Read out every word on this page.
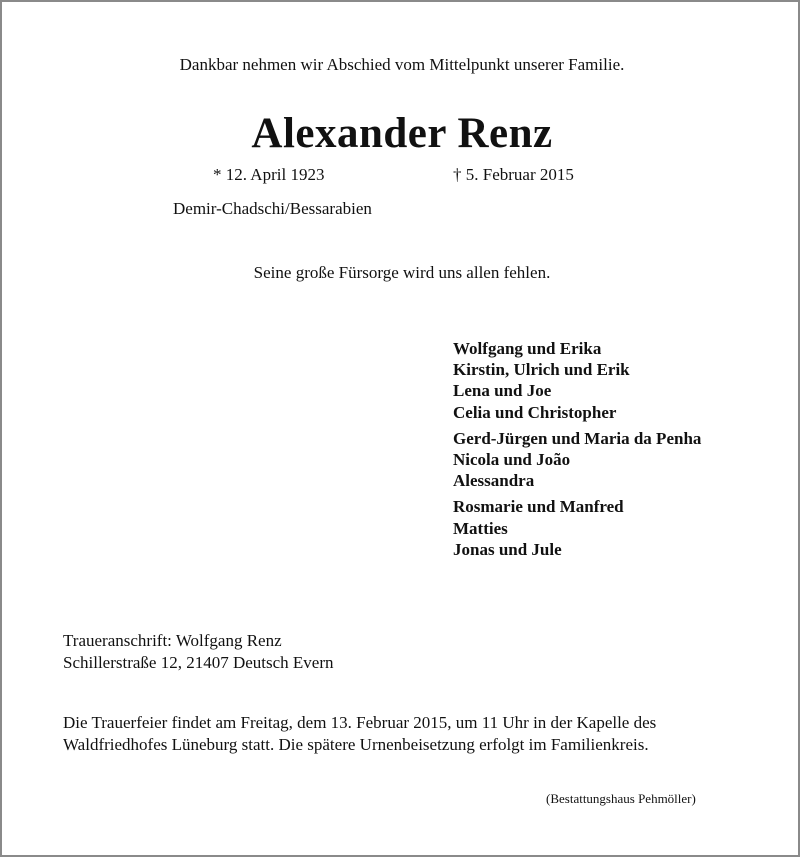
Dankbar nehmen wir Abschied vom Mittelpunkt unserer Familie.
Alexander Renz
* 12. April 1923	† 5. Februar 2015
Demir-Chadschi/Bessarabien
Seine große Fürsorge wird uns allen fehlen.
Wolfgang und Erika
Kirstin, Ulrich und Erik
Lena und Joe
Celia und Christopher
Gerd-Jürgen und Maria da Penha
Nicola und João
Alessandra
Rosmarie und Manfred
Matties
Jonas und Jule
Traueranschrift: Wolfgang Renz
Schillerstraße 12, 21407 Deutsch Evern
Die Trauerfeier findet am Freitag, dem 13. Februar 2015, um 11 Uhr in der Kapelle des
Waldfriedhofes Lüneburg statt. Die spätere Urnenbeisetzung erfolgt im Familienkreis.
(Bestattungshaus Pehmöller)
